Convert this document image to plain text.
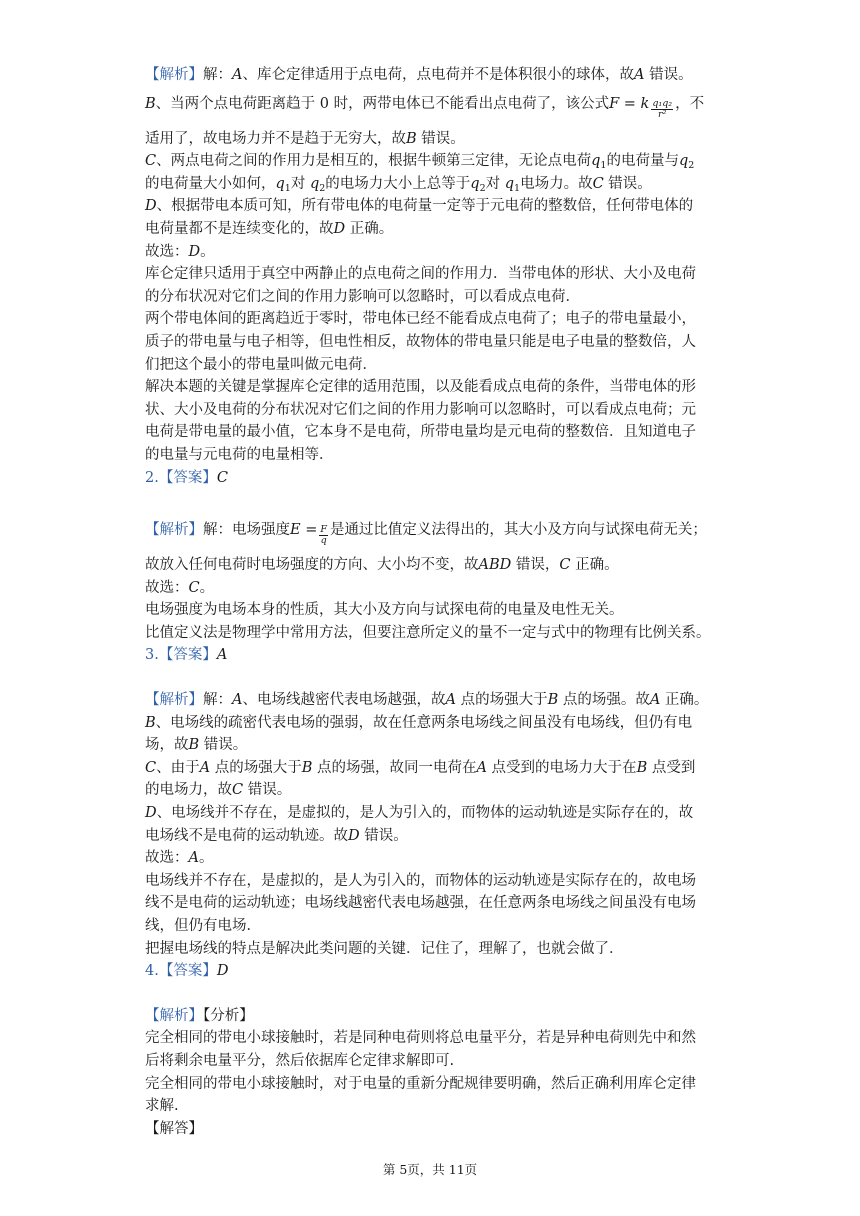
【解析】解：A、库仑定律适用于点电荷，点电荷并不是体积很小的球体，故A 错误。

B、当两个点电荷距离趋于 0 时，两带电体已不能看出点电荷了，该公式F = k $\frac{\text{q₁q₂}}{\text{r²}}$ ，不

适用了，故电场力并不是趋于无穷大，故B 错误。

C、两点电荷之间的作用力是相互的，根据牛顿第三定律，无论点电荷$q_1$的电荷量与$q_2$

的电荷量大小如何，$q_1$对 $q_2$的电场力大小上总等于$q_2$对 $q_1$电场力。故C 错误。

D、根据带电本质可知，所有带电体的电荷量一定等于元电荷的整数倍，任何带电体的

电荷量都不是连续变化的，故D 正确。

故选：D。

库仑定律只适用于真空中两静止的点电荷之间的作用力．当带电体的形状、大小及电荷

的分布状况对它们之间的作用力影响可以忽略时，可以看成点电荷．

两个带电体间的距离趋近于零时，带电体已经不能看成点电荷了；电子的带电量最小，

质子的带电量与电子相等，但电性相反，故物体的带电量只能是电子电量的整数倍，人

们把这个最小的带电量叫做元电荷．

解决本题的关键是掌握库仑定律的适用范围，以及能看成点电荷的条件，当带电体的形

状、大小及电荷的分布状况对它们之间的作用力影响可以忽略时，可以看成点电荷；元

电荷是带电量的最小值，它本身不是电荷，所带电量均是元电荷的整数倍．且知道电子

的电量与元电荷的电量相等．

2.【答案】C

【解析】解：电场强度$E = \frac{F}{q}$ 是通过比值定义法得出的，其大小及方向与试探电荷无关；

故放入任何电荷时电场强度的方向、大小均不变，故ABD 错误，C 正确。

故选：C。

电场强度为电场本身的性质，其大小及方向与试探电荷的电量及电性无关。

比值定义法是物理学中常用方法，但要注意所定义的量不一定与式中的物理有比例关系。

3.【答案】A

【解析】解：A、电场线越密代表电场越强，故A 点的场强大于B 点的场强。故A 正确。

B、电场线的疏密代表电场的强弱，故在任意两条电场线之间虽没有电场线，但仍有电

场，故B 错误。

C、由于A 点的场强大于B 点的场强，故同一电荷在A 点受到的电场力大于在B 点受到

的电场力，故C 错误。

D、电场线并不存在，是虚拟的，是人为引入的，而物体的运动轨迹是实际存在的，故

电场线不是电荷的运动轨迹。故D 错误。

故选：A。

电场线并不存在，是虚拟的，是人为引入的，而物体的运动轨迹是实际存在的，故电场

线不是电荷的运动轨迹；电场线越密代表电场越强，在任意两条电场线之间虽没有电场

线，但仍有电场．

把握电场线的特点是解决此类问题的关键．记住了，理解了，也就会做了．

4.【答案】D

【解析】【分析】

完全相同的带电小球接触时，若是同种电荷则将总电量平分，若是异种电荷则先中和然

后将剩余电量平分，然后依据库仑定律求解即可.

完全相同的带电小球接触时，对于电量的重新分配规律要明确，然后正确利用库仑定律

求解.

【解答】

第 5页，共 11页
